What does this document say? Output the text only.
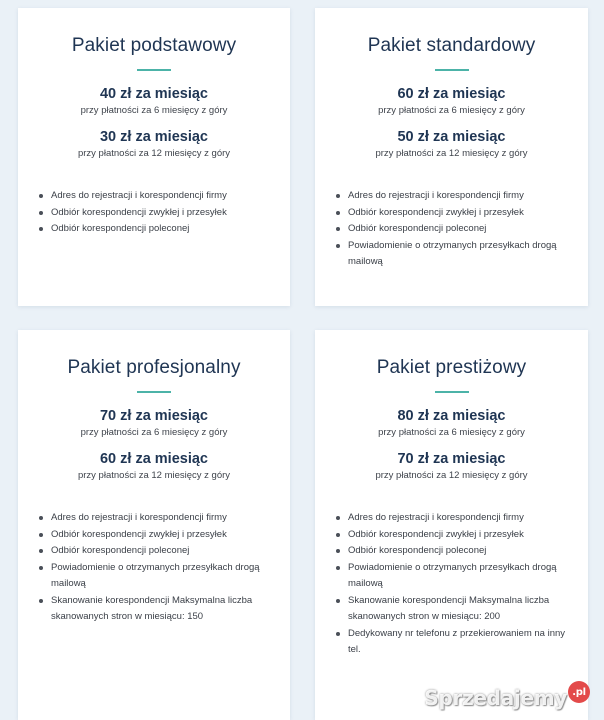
Pakiet podstawowy
40 zł za miesiąc
przy płatności za 6 miesięcy z góry
30 zł za miesiąc
przy płatności za 12 miesięcy z góry
Adres do rejestracji i korespondencji firmy
Odbiór korespondencji zwykłej i przesyłek
Odbiór korespondencji poleconej
Pakiet standardowy
60 zł za miesiąc
przy płatności za 6 miesięcy z góry
50 zł za miesiąc
przy płatności za 12 miesięcy z góry
Adres do rejestracji i korespondencji firmy
Odbiór korespondencji zwykłej i przesyłek
Odbiór korespondencji poleconej
Powiadomienie o otrzymanych przesyłkach drogą mailową
Pakiet profesjonalny
70 zł za miesiąc
przy płatności za 6 miesięcy z góry
60 zł za miesiąc
przy płatności za 12 miesięcy z góry
Adres do rejestracji i korespondencji firmy
Odbiór korespondencji zwykłej i przesyłek
Odbiór korespondencji poleconej
Powiadomienie o otrzymanych przesyłkach drogą mailową
Skanowanie korespondencji Maksymalna liczba skanowanych stron w miesiącu: 150
Pakiet prestiżowy
80 zł za miesiąc
przy płatności za 6 miesięcy z góry
70 zł za miesiąc
przy płatności za 12 miesięcy z góry
Adres do rejestracji i korespondencji firmy
Odbiór korespondencji zwykłej i przesyłek
Odbiór korespondencji poleconej
Powiadomienie o otrzymanych przesyłkach drogą mailową
Skanowanie korespondencji Maksymalna liczba skanowanych stron w miesiącu: 200
Dedykowany nr telefonu z przekierowaniem na inny tel.
Sprzedajemy .pl
